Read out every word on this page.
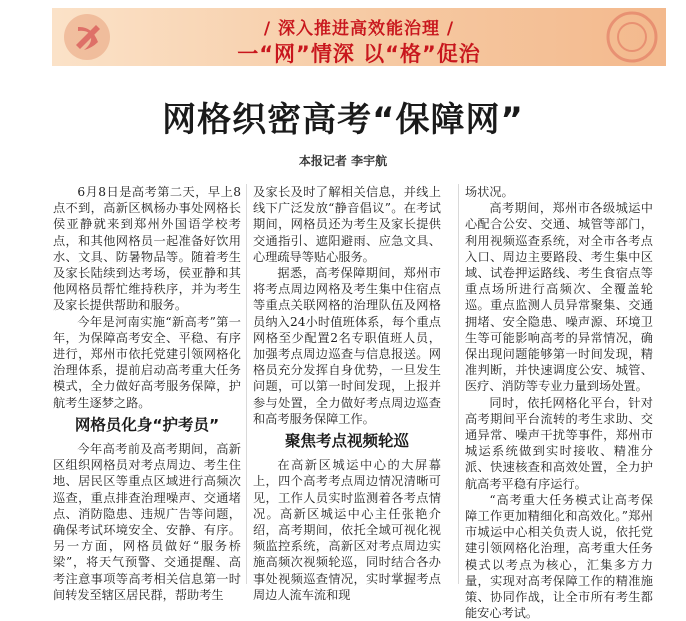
/ 深入推进高效能治理 /
一“网”情深 以“格”促治
网格织密高考“保障网”
本报记者 李宇航

6月8日是高考第二天，早上8点不到，高新区枫杨办事处网格长侯亚静就来到郑州外国语学校考点，和其他网格员一起准备好饮用水、文具、防暑物品等。随着考生及家长陆续到达考场，侯亚静和其他网格员帮忙维持秩序，并为考生及家长提供帮助和服务。

今年是河南实施“新高考”第一年，为保障高考安全、平稳、有序进行，郑州市依托党建引领网格化治理体系，提前启动高考重大任务模式，全力做好高考服务保障，护航考生逐梦之路。

网格员化身“护考员”

今年高考前及高考期间，高新区组织网格员对考点周边、考生住地、居民区等重点区域进行高频次巡查，重点排查治理噪声、交通堵点、消防隐患、违规广告等问题，确保考试环境安全、安静、有序。另一方面，网格员做好“服务桥梁”，将天气预警、交通提醒、高考注意事项等高考相关信息第一时间转发至辖区居民群，帮助考生

及家长及时了解相关信息，并线上线下广泛发放“静音倡议”。在考试期间，网格员还为考生及家长提供交通指引、遮阳避雨、应急文具、心理疏导等贴心服务。

据悉，高考保障期间，郑州市将考点周边网格及考生集中住宿点等重点关联网格的治理队伍及网格员纳入24小时值班体系，每个重点网格至少配置2名专职值班人员，加强考点周边巡查与信息报送。网格员充分发挥自身优势，一旦发生问题，可以第一时间发现，上报并参与处置，全力做好考点周边巡查和高考服务保障工作。

聚焦考点视频轮巡

在高新区城运中心的大屏幕上，四个高考考点周边情况清晰可见，工作人员实时监测着各考点情况。高新区城运中心主任张艳介绍，高考期间，依托全域可视化视频监控系统，高新区对考点周边实施高频次视频轮巡，同时结合各办事处视频巡查情况，实时掌握考点周边人流车流和现

场状况。

高考期间，郑州市各级城运中心配合公安、交通、城管等部门，利用视频巡查系统，对全市各考点入口、周边主要路段、考生集中区域、试卷押运路线、考生食宿点等重点场所进行高频次、全覆盖轮巡。重点监测人员异常聚集、交通拥堵、安全隐患、噪声源、环境卫生等可能影响高考的异常情况，确保出现问题能够第一时间发现，精准判断，并快速调度公安、城管、医疗、消防等专业力量到场处置。

同时，依托网格化平台，针对高考期间平台流转的考生求助、交通异常、噪声干扰等事件，郑州市城运系统做到实时接收、精准分派、快速核查和高效处置，全力护航高考平稳有序运行。

“高考重大任务模式让高考保障工作更加精细化和高效化。”郑州市城运中心相关负责人说，依托党建引领网格化治理，高考重大任务模式以考点为核心，汇集多方力量，实现对高考保障工作的精准施策、协同作战，让全市所有考生都能安心考试。
